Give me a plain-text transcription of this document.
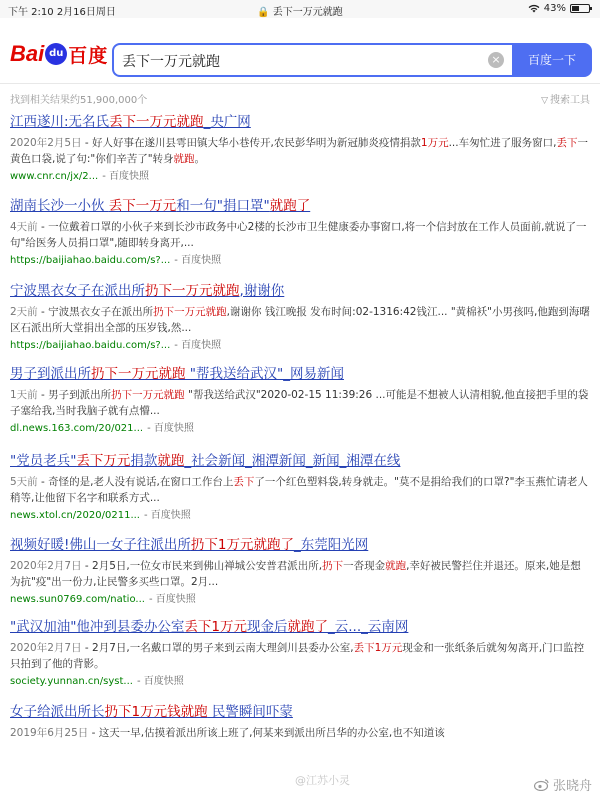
下午 2:10 2月16日周日	🔒 丢下一万元就跑	43%
Bai du 百度
丢下一万元就跑	×	百度一下
找到相关结果约51,900,000个	▽ 搜索工具
江西遂川:无名氏丢下一万元就跑_央广网
2020年2月5日 - 好人好事在遂川县雩田镇大华小巷传开,农民彭华明为新冠肺炎疫情捐款1万元...车匆忙进了服务窗口,丢下一黄色口袋,说了句:"你们辛苦了"转身就跑。
www.cnr.cn/jx/2... - 百度快照
湖南长沙一小伙 丢下一万元和一句"捐口罩"就跑了
4天前 - 一位戴着口罩的小伙子来到长沙市政务中心2楼的长沙市卫生健康委办事窗口,将一个信封放在工作人员面前,就说了一句"给医务人员捐口罩",随即转身离开,...
https://baijiahao.baidu.com/s?... - 百度快照
宁波黑衣女子在派出所扔下一万元就跑,谢谢你
2天前 - 宁波黑衣女子在派出所扔下一万元就跑,谢谢你 钱江晚报 发布时间:02-1316:42钱江... "黄棉袄"小男孩吗,他跑到海曙区石派出所大堂捐出全部的压岁钱,然...
https://baijiahao.baidu.com/s?... - 百度快照
男子到派出所扔下一万元就跑 "帮我送给武汉"_网易新闻
1天前 - 男子到派出所扔下一万元就跑 "帮我送给武汉"2020-02-15 11:39:26 ...可能是不想被人认清相貌,他直接把手里的袋子塞给我,当时我脑子就有点懵...
dl.news.163.com/20/021... - 百度快照
"党员老兵"丢下万元捐款就跑_社会新闻_湘潭新闻_新闻_湘潭在线
5天前 - 奇怪的是,老人没有说话,在窗口工作台上丢下了一个红色塑料袋,转身就走。"莫不是捐给我们的口罩?"李玉燕忙请老人稍等,让他留下名字和联系方式...
news.xtol.cn/2020/0211... - 百度快照
视频好暖!佛山一女子往派出所扔下1万元就跑了_东莞阳光网
2020年2月7日 - 2月5日,一位女市民来到佛山禅城公安普君派出所,扔下一沓现金就跑,幸好被民警拦住并退还。原来,她是想为抗"疫"出一份力,让民警多买些口罩。2月...
news.sun0769.com/natio... - 百度快照
"武汉加油"他冲到县委办公室丢下1万元现金后就跑了_云..._云南网
2020年2月7日 - 2月7日,一名戴口罩的男子来到云南大理剑川县委办公室,丢下1万元现金和一张纸条后就匆匆离开,门口监控只拍到了他的背影。
society.yunnan.cn/syst... - 百度快照
女子给派出所长扔下1万元钱就跑 民警瞬间吓蒙
2019年6月25日 - 这天一早,估摸着派出所该上班了,何某来到派出所吕华的办公室,也不知道该
@江苏小灵	张晓舟
